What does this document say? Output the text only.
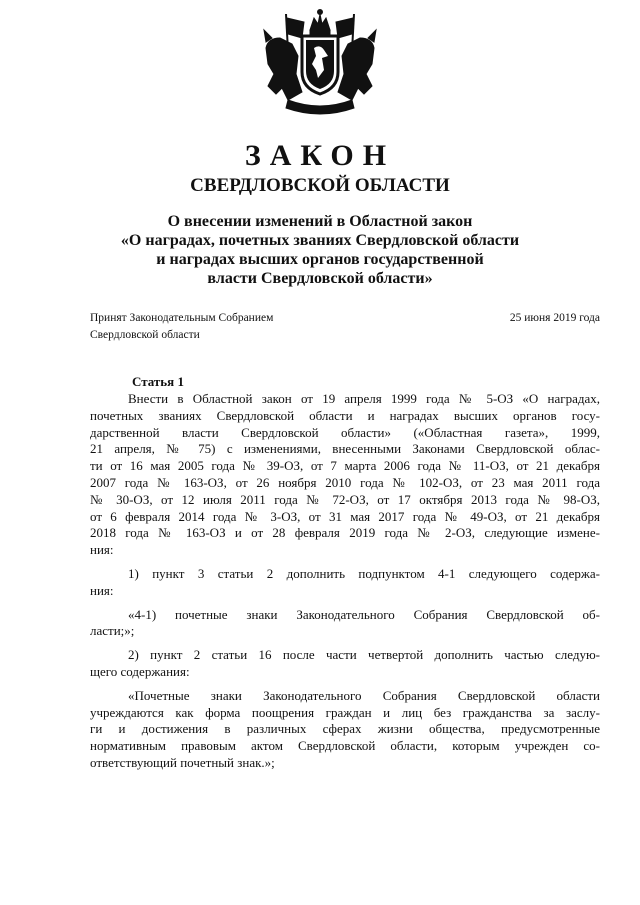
ЗАКОН
СВЕРДЛОВСКОЙ ОБЛАСТИ
О внесении изменений в Областной закон
«О наградах, почетных званиях Свердловской области
и наградах высших органов государственной
власти Свердловской области»
Принят Законодательным Собранием
Свердловской области
25 июня 2019 года
Статья 1
Внести в Областной закон от 19 апреля 1999 года № 5-ОЗ «О наградах,
почетных званиях Свердловской области и наградах высших органов госу-
дарственной власти Свердловской области» («Областная газета», 1999,
21 апреля, № 75) с изменениями, внесенными Законами Свердловской облас-
ти от 16 мая 2005 года № 39-ОЗ, от 7 марта 2006 года № 11-ОЗ, от 21 декабря
2007 года № 163-ОЗ, от 26 ноября 2010 года № 102-ОЗ, от 23 мая 2011 года
№ 30-ОЗ, от 12 июля 2011 года № 72-ОЗ, от 17 октября 2013 года № 98-ОЗ,
от 6 февраля 2014 года № 3-ОЗ, от 31 мая 2017 года № 49-ОЗ, от 21 декабря
2018 года № 163-ОЗ и от 28 февраля 2019 года № 2-ОЗ, следующие измене-
ния:
1) пункт 3 статьи 2 дополнить подпунктом 4-1 следующего содержа-
ния:
«4-1) почетные знаки Законодательного Собрания Свердловской об-
ласти;»;
2) пункт 2 статьи 16 после части четвертой дополнить частью следую-
щего содержания:
«Почетные знаки Законодательного Собрания Свердловской области
учреждаются как форма поощрения граждан и лиц без гражданства за заслу-
ги и достижения в различных сферах жизни общества, предусмотренные
нормативным правовым актом Свердловской области, которым учрежден со-
ответствующий почетный знак.»;
